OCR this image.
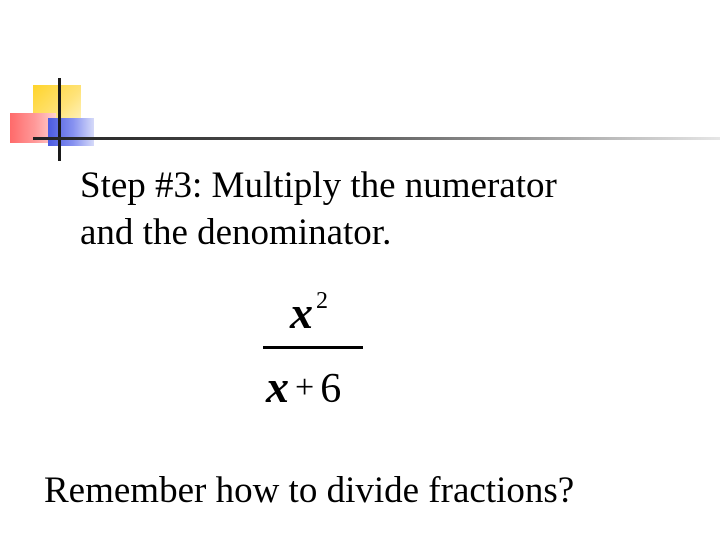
Step #3: Multiply the numerator
and the denominator.
x 2
x + 6

Remember how to divide fractions?
